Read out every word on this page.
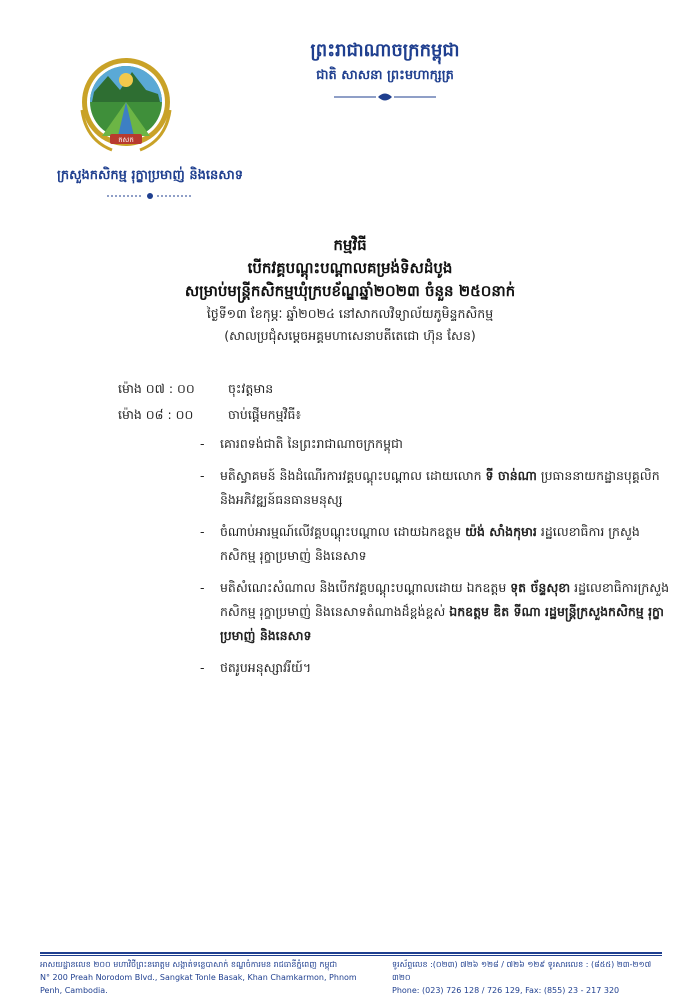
កសក
ព្រះរាជាណាចក្រកម្ពុជា
ជាតិ សាសនា ព្រះមហាក្សត្រ
ក្រសួងកសិកម្ម រុក្ខាប្រមាញ់ និងនេសាទ
កម្មវិធី
បើកវគ្គបណ្តុះបណ្តាលគម្រង់ទិសដំបូង
សម្រាប់មន្ត្រីកសិកម្មឃុំក្របខ័ណ្ឌឆ្នាំ២០២៣ ចំនួន ២៥០នាក់
ថ្ងៃទី១៣ ខែកុម្ភៈ ឆ្នាំ២០២៤ នៅសាកលវិទ្យាល័យភូមិន្ទកសិកម្ម
(សាលប្រជុំសម្តេចអគ្គមហាសេនាបតីតេជោ ហ៊ុន សែន)
ម៉ោង ០៧ : ០០	ចុះវត្តមាន
ម៉ោង ០៨ : ០០	ចាប់ផ្តើមកម្មវិធី៖
-	គោរពទង់ជាតិ នៃព្រះរាជាណាចក្រកម្ពុជា
-	មតិស្វាគមន៍ និងដំណើរការវគ្គបណ្តុះបណ្តាល ដោយលោក ទី ចាន់ណា ប្រធាននាយកដ្ឋានបុគ្គលិក និងអភិវឌ្ឍន៍ធនធានមនុស្ស
-	ចំណាប់អារម្មណ៍លើវគ្គបណ្តុះបណ្តាល ដោយឯកឧត្តម យ៉ង់ សាំងកុមារ រដ្ឋលេខាធិការ ក្រសួងកសិកម្ម រុក្ខាប្រមាញ់ និងនេសាទ
-	មតិសំណេះសំណាល និងបើកវគ្គបណ្តុះបណ្តាលដោយ ឯកឧត្តម ទុត ច័ន្ទសុខា រដ្ឋលេខាធិការក្រសួងកសិកម្ម រុក្ខាប្រមាញ់ និងនេសាទតំណាងដ៏ខ្ពង់ខ្ពស់ ឯកឧត្តម ឌិត ទីណា រដ្ឋមន្ត្រីក្រសួងកសិកម្ម រុក្ខាប្រមាញ់ និងនេសាទ
-	ថតរូបអនុស្សាវរីយ៍។
អាសយដ្ឋានលេខ ២០០ មហាវិថីព្រះនរោត្តម សង្កាត់ទន្លេបាសាក់ ខណ្ឌចំការមន រាជធានីភ្នំពេញ កម្ពុជា
N° 200 Preah Norodom Blvd., Sangkat Tonle Basak, Khan Chamkarmon, Phnom Penh, Cambodia.
ទូរស័ព្ទលេខ :(០២៣) ៧២៦ ១២៨ / ៧២៦ ១២៩ ទូរសារលេខ : (៨៥៥) ២៣-២១៧ ៣២០
Phone: (023) 726 128 / 726 129, Fax: (855) 23 - 217 320
